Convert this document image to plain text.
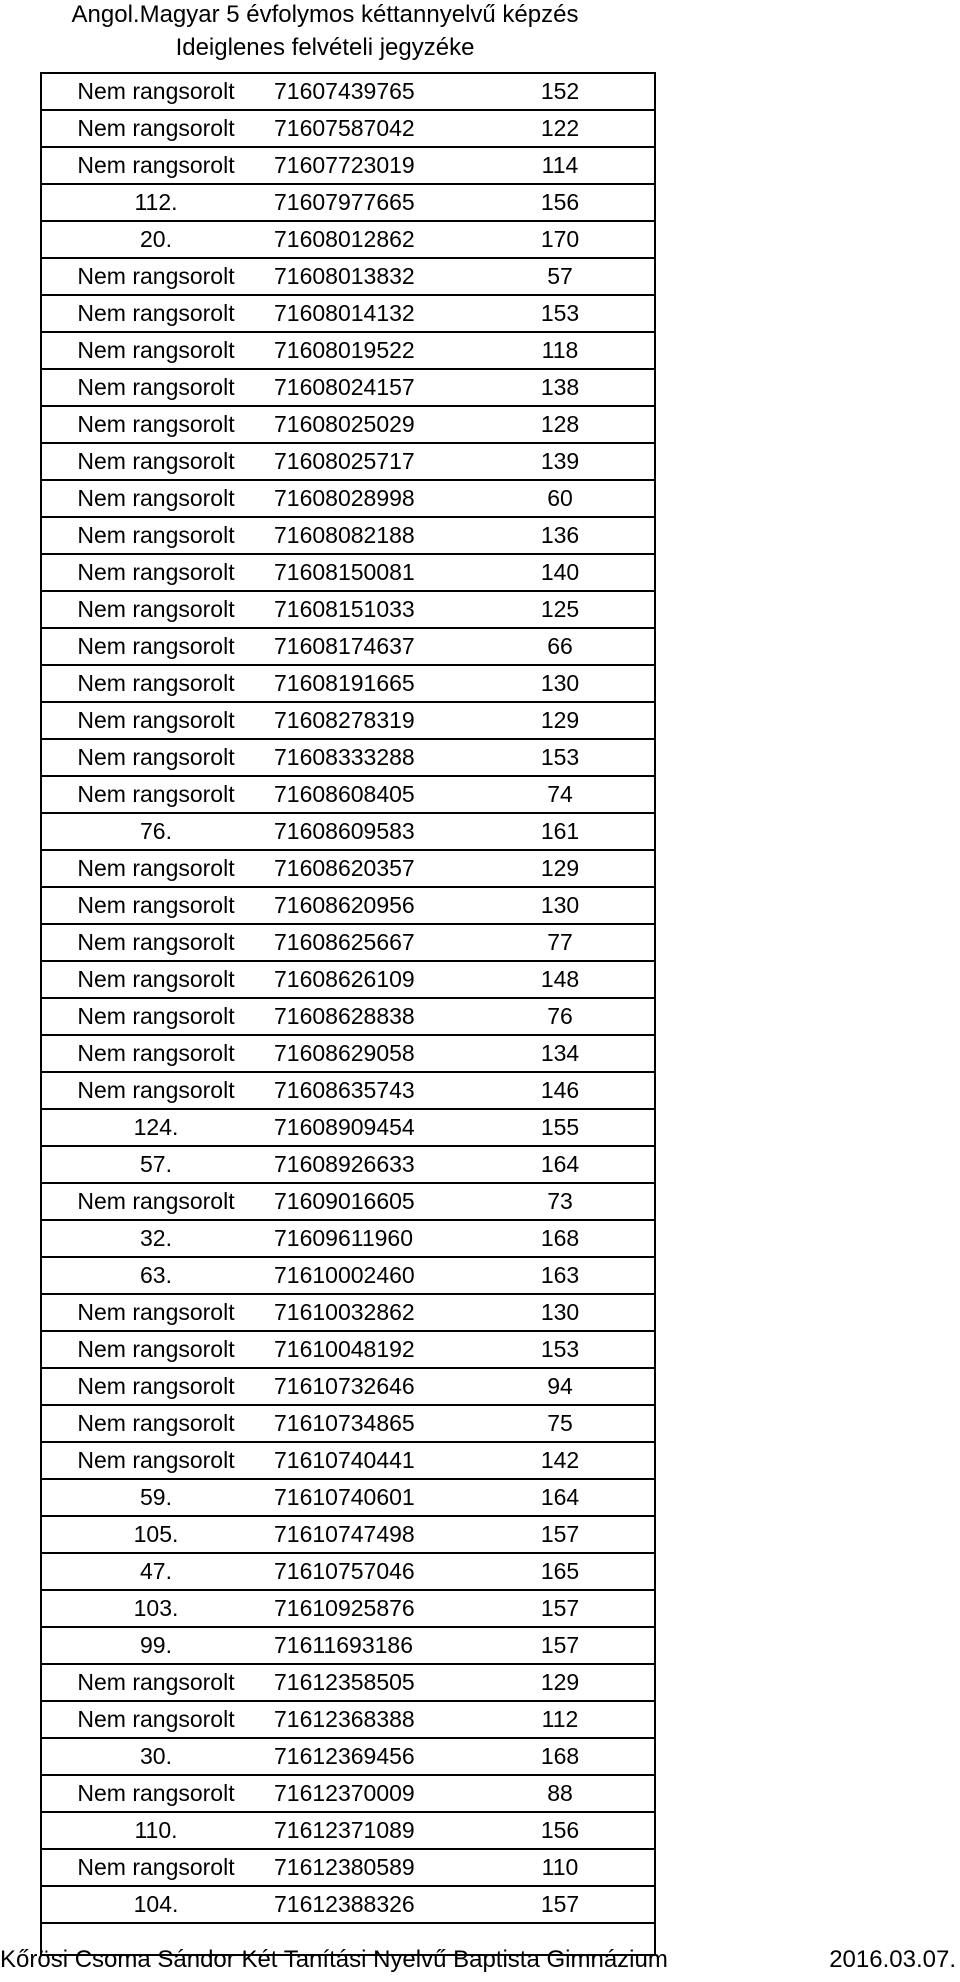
Angol.Magyar 5 évfolymos kéttannyelvű képzés
Ideiglenes felvételi jegyzéke
Nem rangsorolt	71607439765	152
Nem rangsorolt	71607587042	122
Nem rangsorolt	71607723019	114
112.	71607977665	156
20.	71608012862	170
Nem rangsorolt	71608013832	57
Nem rangsorolt	71608014132	153
Nem rangsorolt	71608019522	118
Nem rangsorolt	71608024157	138
Nem rangsorolt	71608025029	128
Nem rangsorolt	71608025717	139
Nem rangsorolt	71608028998	60
Nem rangsorolt	71608082188	136
Nem rangsorolt	71608150081	140
Nem rangsorolt	71608151033	125
Nem rangsorolt	71608174637	66
Nem rangsorolt	71608191665	130
Nem rangsorolt	71608278319	129
Nem rangsorolt	71608333288	153
Nem rangsorolt	71608608405	74
76.	71608609583	161
Nem rangsorolt	71608620357	129
Nem rangsorolt	71608620956	130
Nem rangsorolt	71608625667	77
Nem rangsorolt	71608626109	148
Nem rangsorolt	71608628838	76
Nem rangsorolt	71608629058	134
Nem rangsorolt	71608635743	146
124.	71608909454	155
57.	71608926633	164
Nem rangsorolt	71609016605	73
32.	71609611960	168
63.	71610002460	163
Nem rangsorolt	71610032862	130
Nem rangsorolt	71610048192	153
Nem rangsorolt	71610732646	94
Nem rangsorolt	71610734865	75
Nem rangsorolt	71610740441	142
59.	71610740601	164
105.	71610747498	157
47.	71610757046	165
103.	71610925876	157
99.	71611693186	157
Nem rangsorolt	71612358505	129
Nem rangsorolt	71612368388	112
30.	71612369456	168
Nem rangsorolt	71612370009	88
110.	71612371089	156
Nem rangsorolt	71612380589	110
104.	71612388326	157

Kőrösi Csoma Sándor Két Tanítási Nyelvű Baptista Gimnázium	2016.03.07.
